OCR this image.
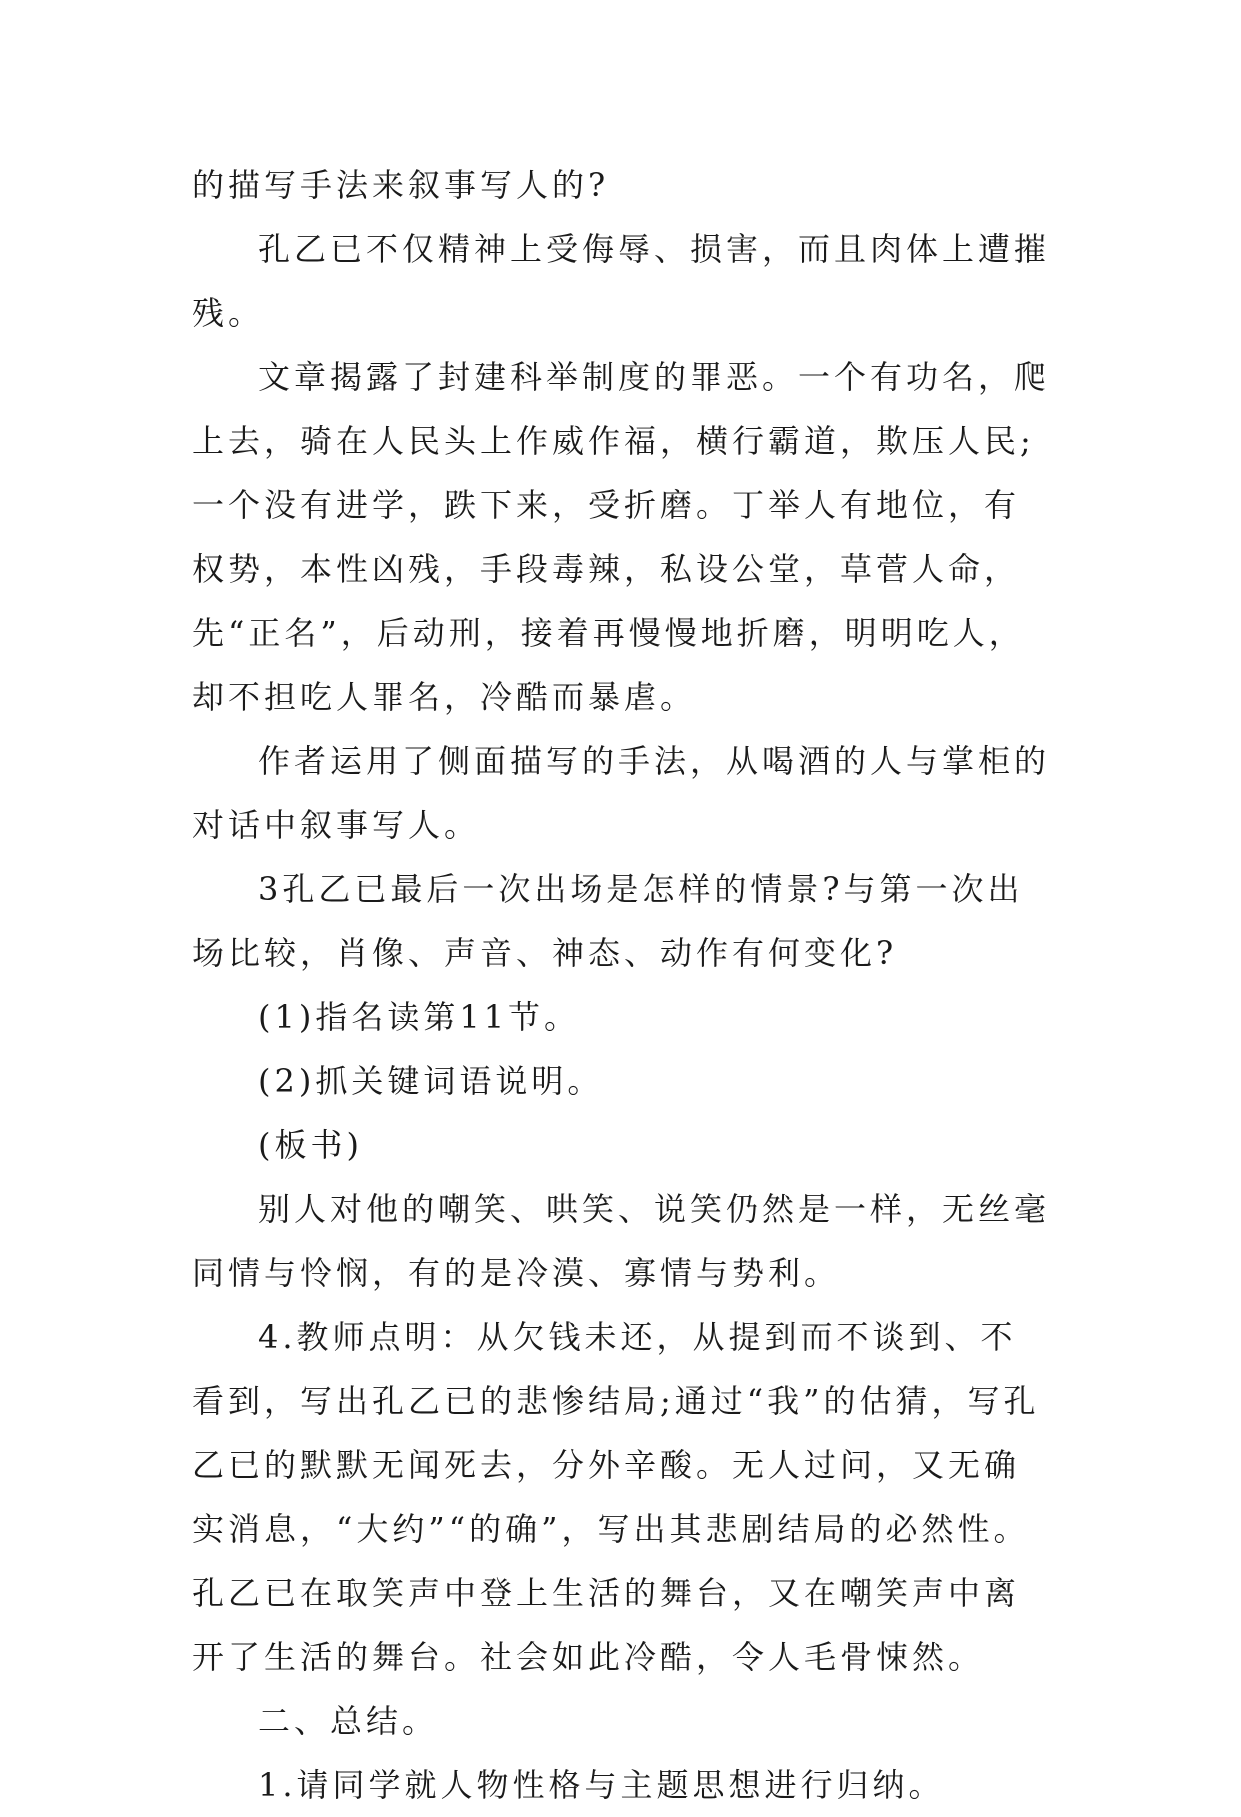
的描写手法来叙事写人的?

孔乙已不仅精神上受侮辱、损害，而且肉体上遭摧残。

文章揭露了封建科举制度的罪恶。一个有功名，爬上去，骑在人民头上作威作福，横行霸道，欺压人民;一个没有进学，跌下来，受折磨。丁举人有地位，有权势，本性凶残，手段毒辣，私设公堂，草菅人命，先“正名”，后动刑，接着再慢慢地折磨，明明吃人，却不担吃人罪名，冷酷而暴虐。

作者运用了侧面描写的手法，从喝酒的人与掌柜的对话中叙事写人。

3孔乙已最后一次出场是怎样的情景?与第一次出场比较，肖像、声音、神态、动作有何变化?

(1)指名读第11节。

(2)抓关键词语说明。

(板书)

别人对他的嘲笑、哄笑、说笑仍然是一样，无丝毫同情与怜悯，有的是冷漠、寡情与势利。

4.教师点明：从欠钱未还，从提到而不谈到、不看到，写出孔乙已的悲惨结局;通过“我”的估猜，写孔乙已的默默无闻死去，分外辛酸。无人过问，又无确实消息，“大约”“的确”，写出其悲剧结局的必然性。孔乙已在取笑声中登上生活的舞台，又在嘲笑声中离开了生活的舞台。社会如此冷酷，令人毛骨悚然。

二、总结。

1.请同学就人物性格与主题思想进行归纳。
